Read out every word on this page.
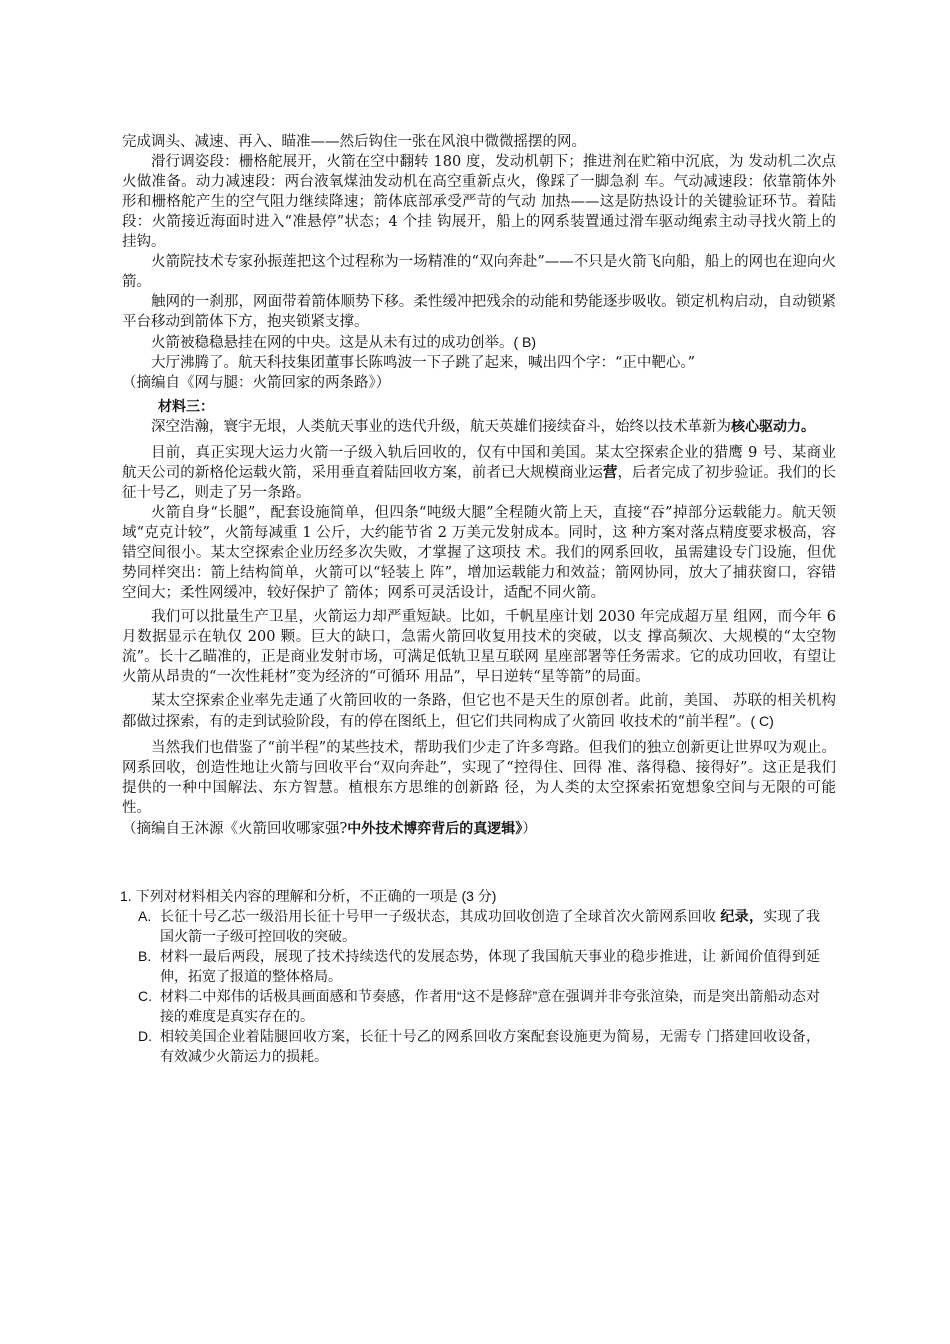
完成调头、减速、再入、瞄准——然后钩住一张在风浪中微微摇摆的网。

滑行调姿段：栅格舵展开，火箭在空中翻转 180 度，发动机朝下；推进剂在贮箱中沉底，为 发动机二次点火做准备。动力减速段：两台液氧煤油发动机在高空重新点火，像踩了一脚急刹 车。气动减速段：依靠箭体外形和栅格舵产生的空气阻力继续降速；箭体底部承受严苛的气动 加热——这是防热设计的关键验证环节。着陆段：火箭接近海面时进入“准悬停”状态；4 个挂 钩展开，船上的网系装置通过滑车驱动绳索主动寻找火箭上的挂钩。

火箭院技术专家孙振莲把这个过程称为一场精准的“双向奔赴”——不只是火箭飞向船，船上的网也在迎向火箭。

触网的一刹那，网面带着箭体顺势下移。柔性缓冲把残余的动能和势能逐步吸收。锁定机构启动，自动锁紧平台移动到箭体下方，抱夹锁紧支撑。

火箭被稳稳悬挂在网的中央。这是从未有过的成功创举。( B)

大厅沸腾了。航天科技集团董事长陈鸣波一下子跳了起来，喊出四个字：“正中靶心。”

（摘编自《网与腿：火箭回家的两条路》）

材料三：

深空浩瀚，寰宇无垠，人类航天事业的迭代升级，航天英雄们接续奋斗，始终以技术革新为核心驱动力。

目前，真正实现大运力火箭一子级入轨后回收的，仅有中国和美国。某太空探索企业的猎鹰 9 号、某商业航天公司的新格伦运载火箭，采用垂直着陆回收方案，前者已大规模商业运营，后者完成了初步验证。我们的长征十号乙，则走了另一条路。

火箭自身“长腿”，配套设施简单，但四条“吨级大腿”全程随火箭上天，直接“吞”掉部分运载能力。航天领域“克克计较”，火箭每减重 1 公斤，大约能节省 2 万美元发射成本。同时，这 种方案对落点精度要求极高，容错空间很小。某太空探索企业历经多次失败，才掌握了这项技 术。我们的网系回收，虽需建设专门设施，但优势同样突出：箭上结构简单，火箭可以“轻装上 阵”，增加运载能力和效益；箭网协同，放大了捕获窗口，容错空间大；柔性网缓冲，较好保护了 箭体；网系可灵活设计，适配不同火箭。

我们可以批量生产卫星，火箭运力却严重短缺。比如，千帆星座计划 2030 年完成超万星 组网，而今年 6 月数据显示在轨仅 200 颗。巨大的缺口，急需火箭回收复用技术的突破，以支 撑高频次、大规模的“太空物流”。长十乙瞄准的，正是商业发射市场，可满足低轨卫星互联网 星座部署等任务需求。它的成功回收，有望让火箭从昂贵的“一次性耗材”变为经济的“可循环 用品”，早日逆转“星等箭”的局面。

某太空探索企业率先走通了火箭回收的一条路，但它也不是天生的原创者。此前，美国、 苏联的相关机构都做过探索，有的走到试验阶段，有的停在图纸上，但它们共同构成了火箭回 收技术的“前半程”。( C)

当然我们也借鉴了“前半程”的某些技术，帮助我们少走了许多弯路。但我们的独立创新更让世界叹为观止。网系回收，创造性地让火箭与回收平台“双向奔赴”，实现了“控得住、回得 准、落得稳、接得好”。这正是我们提供的一种中国解法、东方智慧。植根东方思维的创新路 径，为人类的太空探索拓宽想象空间与无限的可能性。

（摘编自王沐源《火箭回收哪家强?中外技术博弈背后的真逻辑》）

1. 下列对材料相关内容的理解和分析，不正确的一项是 (3 分)

A. 长征十号乙芯一级沿用长征十号甲一子级状态，其成功回收创造了全球首次火箭网系回收 纪录，实现了我国火箭一子级可控回收的突破。

B. 材料一最后两段，展现了技术持续迭代的发展态势，体现了我国航天事业的稳步推进，让 新闻价值得到延伸，拓宽了报道的整体格局。

C. 材料二中郑伟的话极具画面感和节奏感，作者用“这不是修辞”意在强调并非夸张渲染，而是突出箭船动态对接的难度是真实存在的。

D. 相较美国企业着陆腿回收方案，长征十号乙的网系回收方案配套设施更为简易，无需专 门搭建回收设备，有效减少火箭运力的损耗。
